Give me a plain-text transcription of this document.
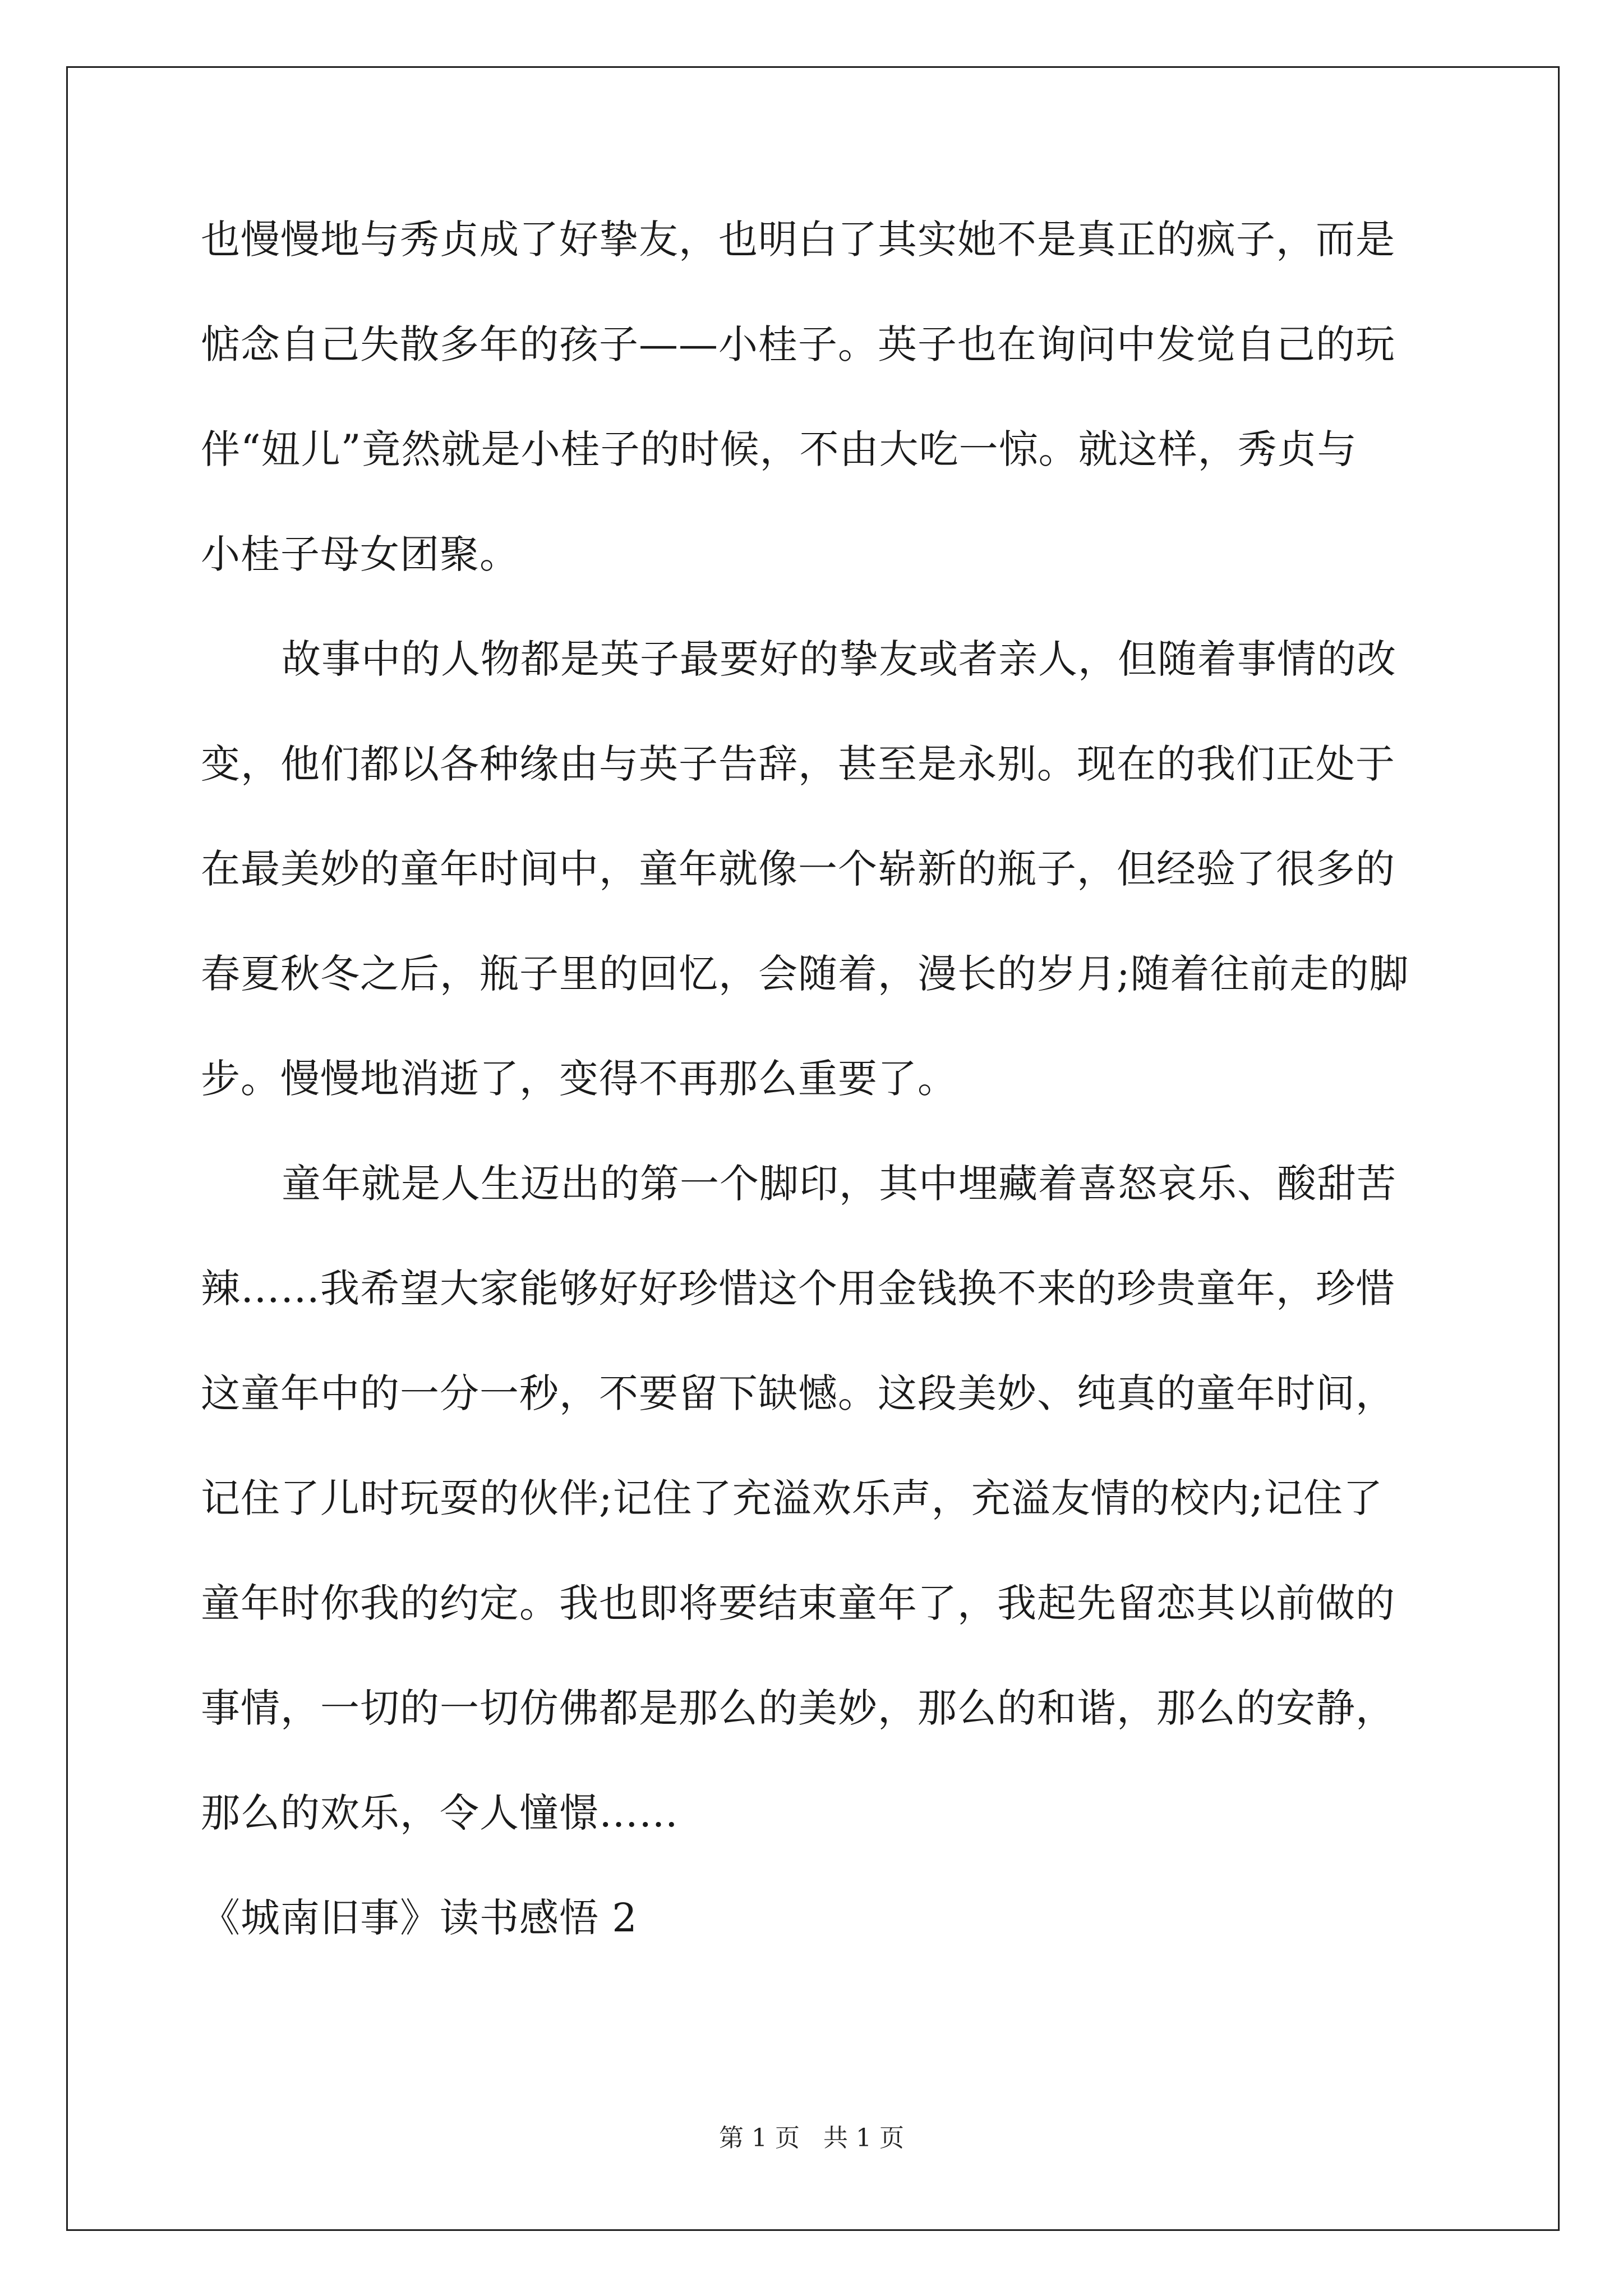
也慢慢地与秀贞成了好挚友，也明白了其实她不是真正的疯子，而是
惦念自己失散多年的孩子——小桂子。英子也在询问中发觉自己的玩
伴“妞儿”竟然就是小桂子的时候，不由大吃一惊。就这样，秀贞与
小桂子母女团聚。
故事中的人物都是英子最要好的挚友或者亲人，但随着事情的改
变，他们都以各种缘由与英子告辞，甚至是永别。现在的我们正处于
在最美妙的童年时间中，童年就像一个崭新的瓶子，但经验了很多的
春夏秋冬之后，瓶子里的回忆，会随着，漫长的岁月;随着往前走的脚
步。慢慢地消逝了，变得不再那么重要了。
童年就是人生迈出的第一个脚印，其中埋藏着喜怒哀乐、酸甜苦
辣……我希望大家能够好好珍惜这个用金钱换不来的珍贵童年，珍惜
这童年中的一分一秒，不要留下缺憾。这段美妙、纯真的童年时间，
记住了儿时玩耍的伙伴;记住了充溢欢乐声，充溢友情的校内;记住了
童年时你我的约定。我也即将要结束童年了，我起先留恋其以前做的
事情，一切的一切仿佛都是那么的美妙，那么的和谐，那么的安静，
那么的欢乐，令人憧憬……
《城南旧事》读书感悟 2
第 1 页   共 1 页
